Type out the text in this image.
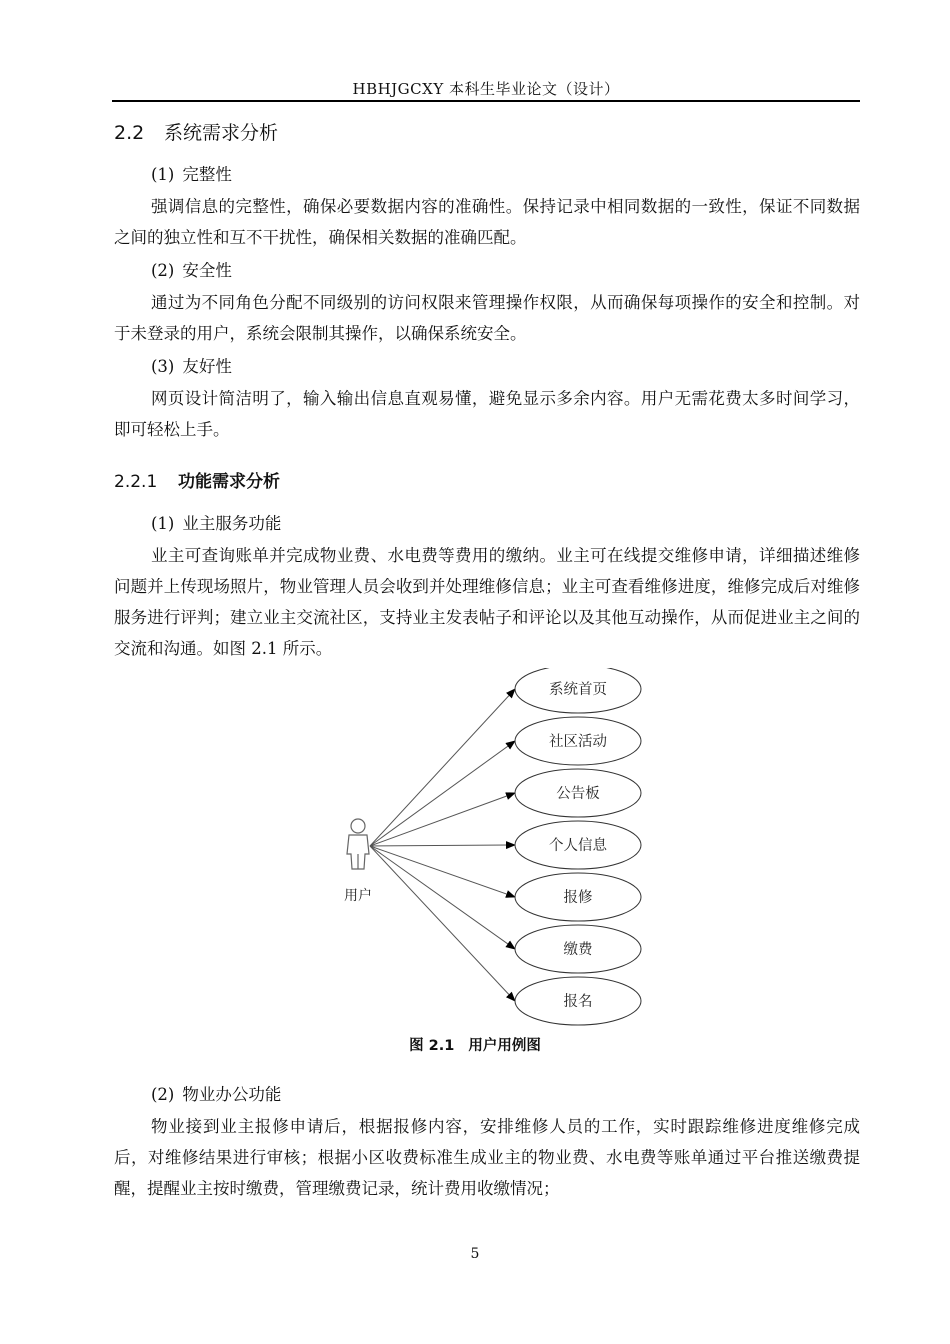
HBHJGCXY 本科生毕业论文（设计）
2.2 系统需求分析
(1) 完整性
强调信息的完整性，确保必要数据内容的准确性。保持记录中相同数据的一致性，保证不同数据之间的独立性和互不干扰性，确保相关数据的准确匹配。
(2) 安全性
通过为不同角色分配不同级别的访问权限来管理操作权限，从而确保每项操作的安全和控制。对于未登录的用户，系统会限制其操作，以确保系统安全。
(3) 友好性
网页设计简洁明了，输入输出信息直观易懂，避免显示多余内容。用户无需花费太多时间学习，即可轻松上手。
2.2.1 功能需求分析
(1) 业主服务功能
业主可查询账单并完成物业费、水电费等费用的缴纳。业主可在线提交维修申请，详细描述维修问题并上传现场照片，物业管理人员会收到并处理维修信息；业主可查看维修进度，维修完成后对维修服务进行评判；建立业主交流社区，支持业主发表帖子和评论以及其他互动操作，从而促进业主之间的交流和沟通。如图 2.1 所示。
用户
系统首页
社区活动
公告板
个人信息
报修
缴费
报名
图 2.1 用户用例图
(2) 物业办公功能
物业接到业主报修申请后，根据报修内容，安排维修人员的工作，实时跟踪维修进度维修完成后，对维修结果进行审核；根据小区收费标准生成业主的物业费、水电费等账单通过平台推送缴费提醒，提醒业主按时缴费，管理缴费记录，统计费用收缴情况；
5
